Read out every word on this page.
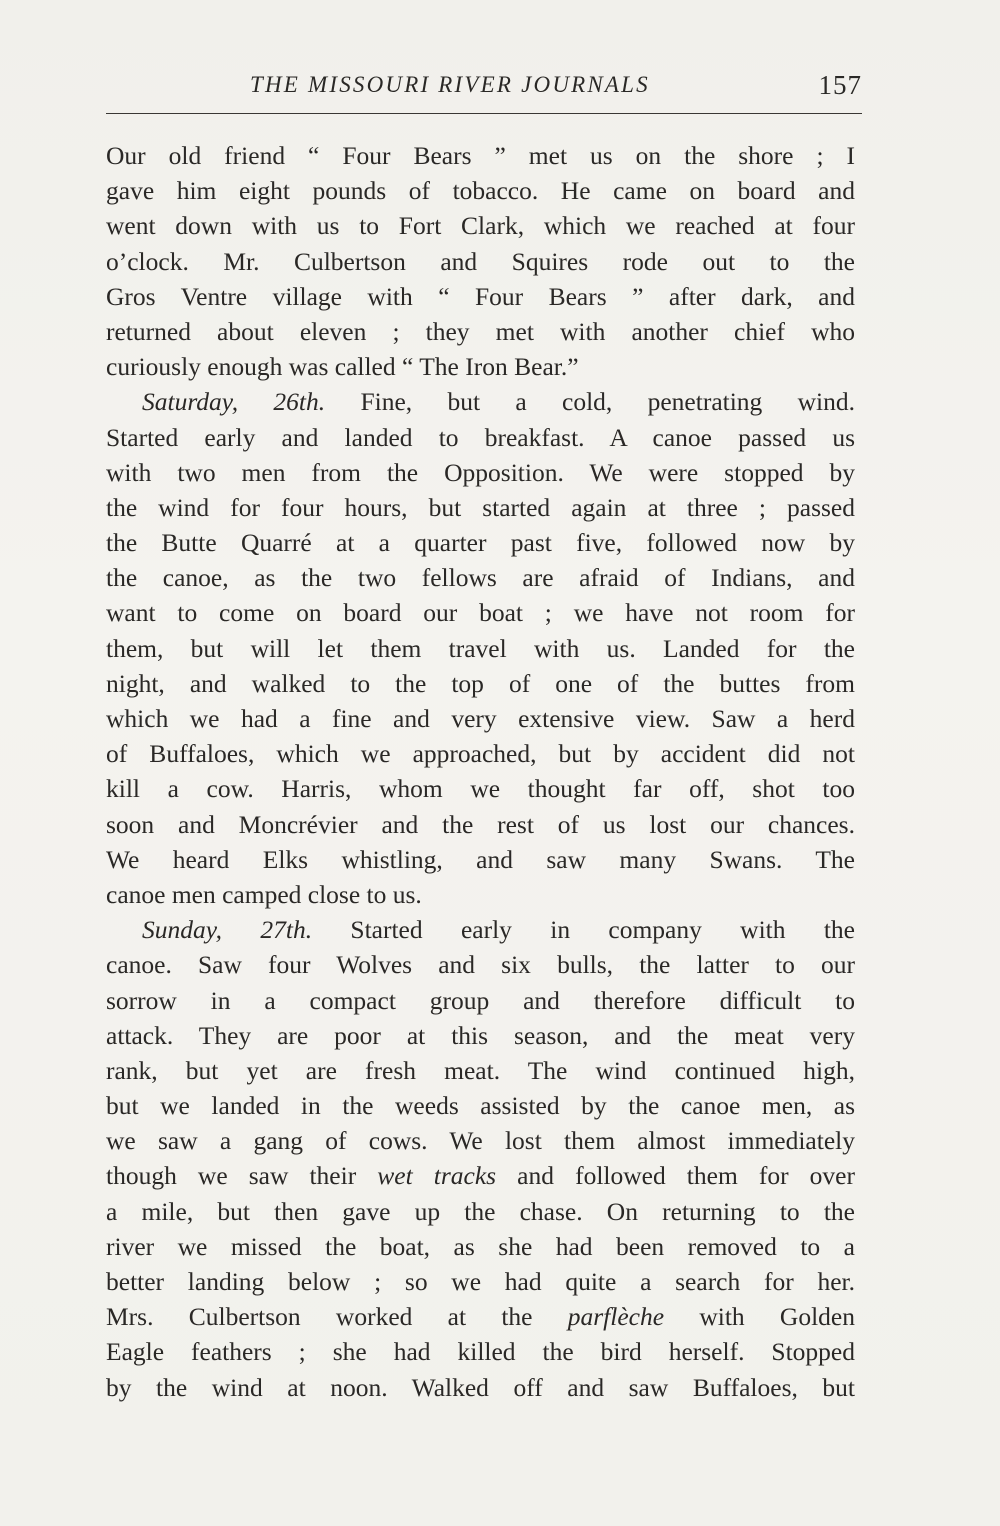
THE MISSOURI RIVER JOURNALS	157
Our old friend “ Four Bears ” met us on the shore ; I
gave him eight pounds of tobacco. He came on board and
went down with us to Fort Clark, which we reached at four
o’clock. Mr. Culbertson and Squires rode out to the
Gros Ventre village with “ Four Bears ” after dark, and
returned about eleven ; they met with another chief who
curiously enough was called “ The Iron Bear.”
Saturday, 26th. Fine, but a cold, penetrating wind.
Started early and landed to breakfast. A canoe passed us
with two men from the Opposition. We were stopped by
the wind for four hours, but started again at three ; passed
the Butte Quarré at a quarter past five, followed now by
the canoe, as the two fellows are afraid of Indians, and
want to come on board our boat ; we have not room for
them, but will let them travel with us. Landed for the
night, and walked to the top of one of the buttes from
which we had a fine and very extensive view. Saw a herd
of Buffaloes, which we approached, but by accident did not
kill a cow. Harris, whom we thought far off, shot too
soon and Moncrévier and the rest of us lost our chances.
We heard Elks whistling, and saw many Swans. The
canoe men camped close to us.
Sunday, 27th. Started early in company with the
canoe. Saw four Wolves and six bulls, the latter to our
sorrow in a compact group and therefore difficult to
attack. They are poor at this season, and the meat very
rank, but yet are fresh meat. The wind continued high,
but we landed in the weeds assisted by the canoe men, as
we saw a gang of cows. We lost them almost immediately
though we saw their wet tracks and followed them for over
a mile, but then gave up the chase. On returning to the
river we missed the boat, as she had been removed to a
better landing below ; so we had quite a search for her.
Mrs. Culbertson worked at the parflèche with Golden
Eagle feathers ; she had killed the bird herself. Stopped
by the wind at noon. Walked off and saw Buffaloes, but
